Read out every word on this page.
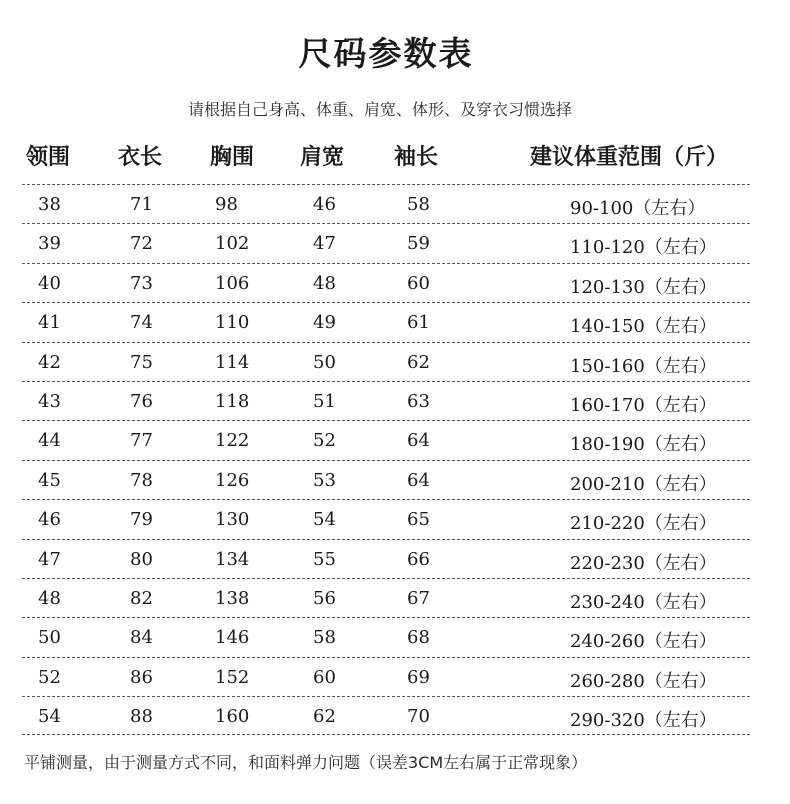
尺码参数表
请根据自己身高、体重、肩宽、体形、及穿衣习惯选择
领围 衣长 胸围 肩宽 袖长	建议体重范围（斤）
38	71	98	46	58	90-100（左右）
39	72	102	47	59	110-120（左右）
40	73	106	48	60	120-130（左右）
41	74	110	49	61	140-150（左右）
42	75	114	50	62	150-160（左右）
43	76	118	51	63	160-170（左右）
44	77	122	52	64	180-190（左右）
45	78	126	53	64	200-210（左右）
46	79	130	54	65	210-220（左右）
47	80	134	55	66	220-230（左右）
48	82	138	56	67	230-240（左右）
50	84	146	58	68	240-260（左右）
52	86	152	60	69	260-280（左右）
54	88	160	62	70	290-320（左右）
平铺测量，由于测量方式不同，和面料弹力问题（误差3CM左右属于正常现象）
